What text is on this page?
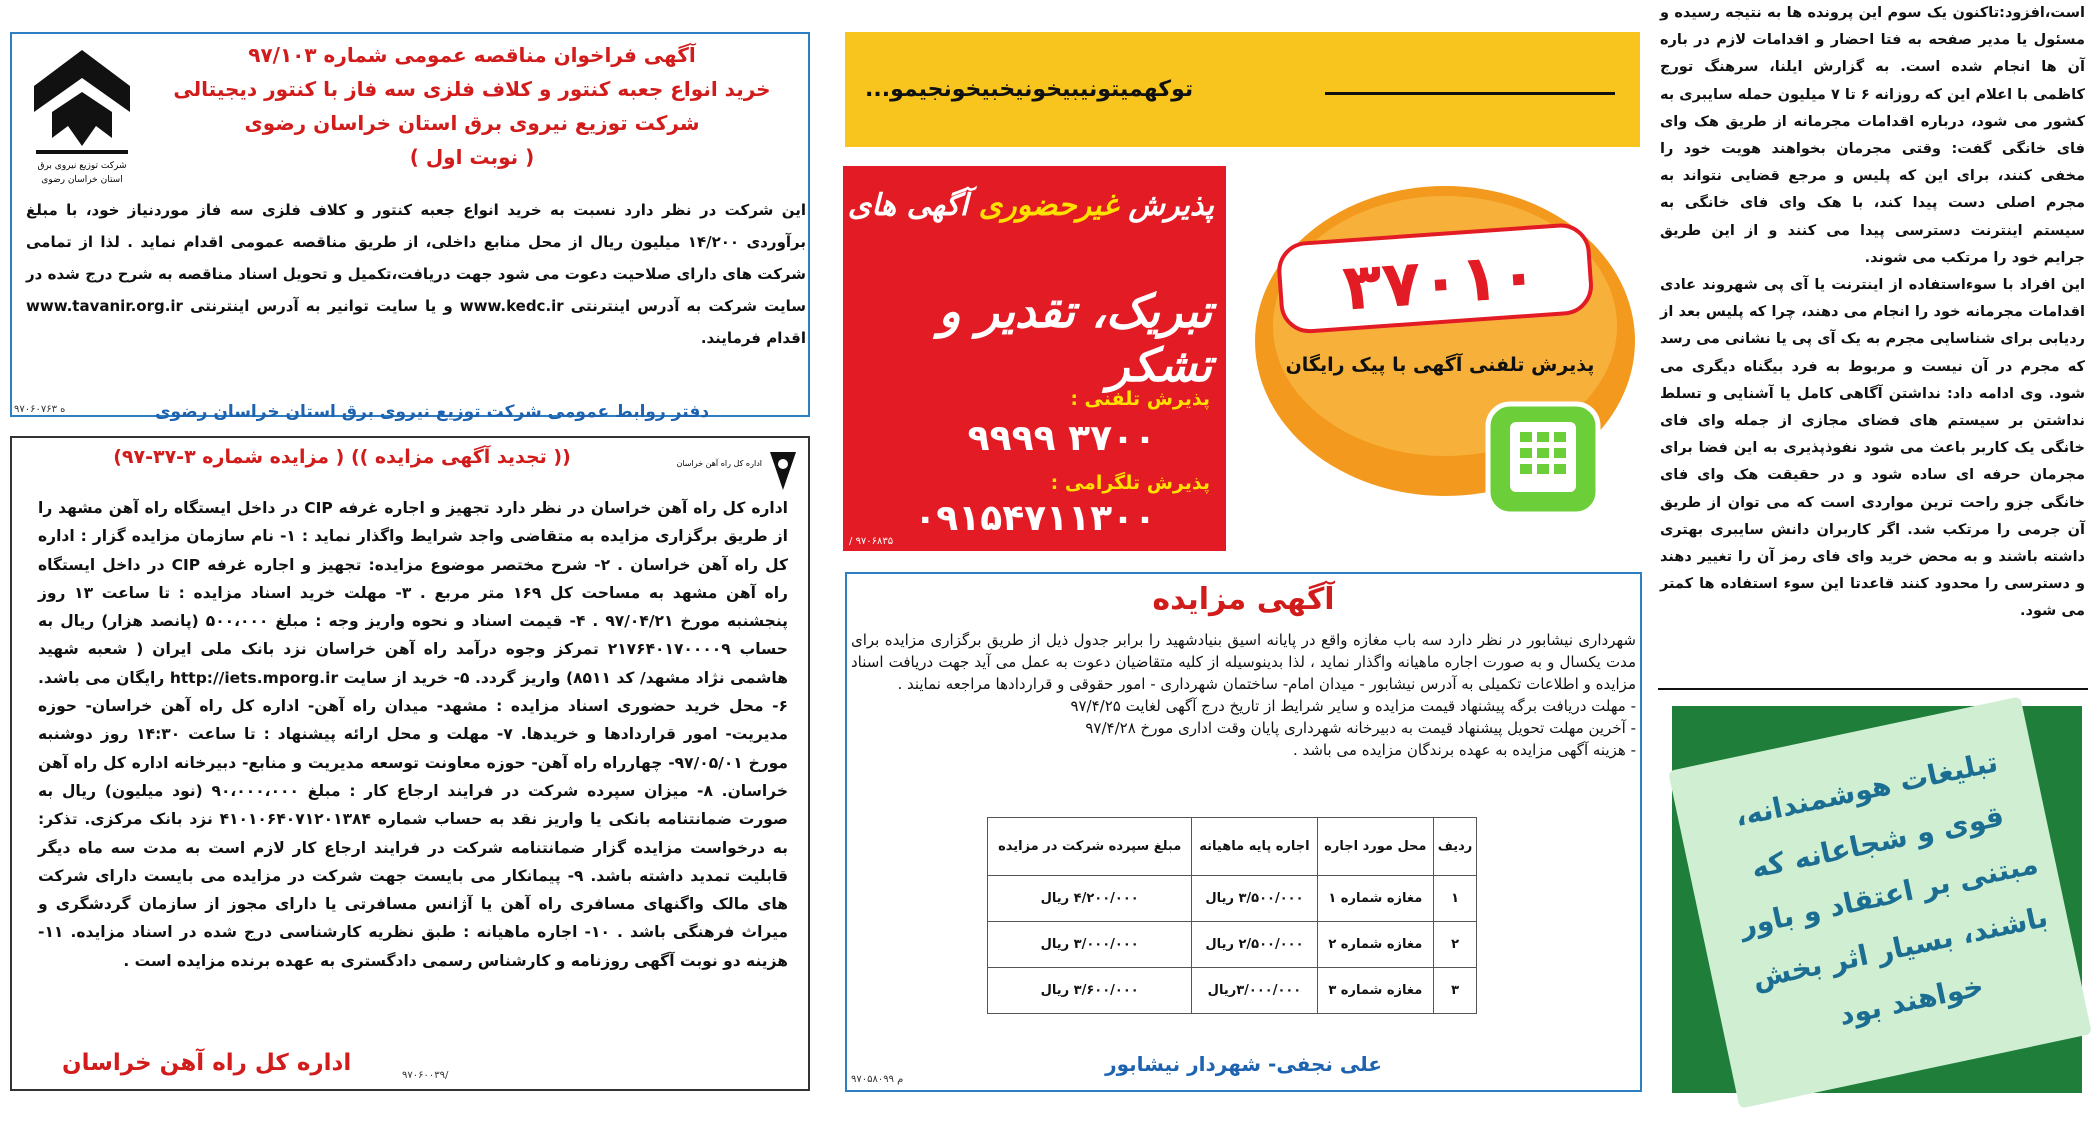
شرکت توزیع نیروی برق
استان خراسان رضوی
آگهی فراخوان مناقصه عمومی شماره ۹۷/۱۰۳
خرید انواع جعبه کنتور و کلاف فلزی سه فاز با کنتور دیجیتالی
شرکت توزیع نیروی برق استان خراسان رضوی
( نوبت اول )
این شرکت در نظر دارد نسبت به خرید انواع جعبه کنتور و کلاف فلزی سه فاز موردنیاز خود، با مبلغ برآوردی ۱۴/۲۰۰ میلیون ریال از محل منابع داخلی، از طریق مناقصه عمومی اقدام نماید . لذا از تمامی شرکت های دارای صلاحیت دعوت می شود جهت دریافت،تکمیل و تحویل اسناد مناقصه به شرح درج شده در سایت شرکت به آدرس اینترنتی www.kedc.ir و یا سایت توانیر به آدرس اینترنتی www.tavanir.org.ir اقدام فرمایند.
دفتر روابط عمومی شرکت توزیع نیروی برق استان خراسان رضوی
۹۷۰۶۰۷۶۳ ه
(( تجدید آگهی مزایده )) ( مزایده شماره ۳-۳۷-۹۷)	اداره کل راه آهن خراسان
اداره کل راه آهن خراسان در نظر دارد تجهیز و اجاره غرفه CIP در داخل ایستگاه راه آهن مشهد را از طریق برگزاری مزایده به متقاضی واجد شرایط واگذار نماید : ۱- نام سازمان مزایده گزار : اداره کل راه آهن خراسان . ۲- شرح مختصر موضوع مزایده: تجهیز و اجاره غرفه CIP در داخل ایستگاه راه آهن مشهد به مساحت کل ۱۶۹ متر مربع . ۳- مهلت خرید اسناد مزایده : تا ساعت ۱۳ روز پنجشنبه مورخ ۹۷/۰۴/۲۱ . ۴- قیمت اسناد و نحوه واریز وجه : مبلغ ۵۰۰،۰۰۰ (پانصد هزار) ریال به حساب ۲۱۷۶۴۰۱۷۰۰۰۰۹ تمرکز وجوه درآمد راه آهن خراسان نزد بانک ملی ایران ( شعبه شهید هاشمی نژاد مشهد/ کد ۸۵۱۱) واریز گردد. ۵- خرید از سایت http://iets.mporg.ir رایگان می باشد. ۶- محل خرید حضوری اسناد مزایده : مشهد- میدان راه آهن- اداره کل راه آهن خراسان- حوزه مدیریت- امور قراردادها و خریدها. ۷- مهلت و محل ارائه پیشنهاد : تا ساعت ۱۴:۳۰ روز دوشنبه مورخ ۹۷/۰۵/۰۱- چهارراه راه آهن- حوزه معاونت توسعه مدیریت و منابع- دبیرخانه اداره کل راه آهن خراسان. ۸- میزان سپرده شرکت در فرایند ارجاع کار : مبلغ ۹۰،۰۰۰،۰۰۰ (نود میلیون) ریال به صورت ضمانتنامه بانکی یا واریز نقد به حساب شماره ۴۱۰۱۰۶۴۰۷۱۲۰۱۳۸۴ نزد بانک مرکزی. تذکر: به درخواست مزایده گزار ضمانتنامه شرکت در فرایند ارجاع کار لازم است به مدت سه ماه دیگر قابلیت تمدید داشته باشد. ۹- پیمانکار می بایست جهت شرکت در مزایده می بایست دارای شرکت های مالک واگنهای مسافری راه آهن یا آژانس مسافرتی یا دارای مجوز از سازمان گردشگری و میراث فرهنگی باشد . ۱۰- اجاره ماهیانه : طبق نظریه کارشناسی درج شده در اسناد مزایده. ۱۱- هزینه دو نوبت آگهی روزنامه و کارشناس رسمی دادگستری به عهده برنده مزایده است .
اداره کل راه آهن خراسان	۹۷۰۶۰۰۳۹/
توکهمیتونیبیخونیخبیخونجیمو...
پذیرش غیرحضوری آگهی های
تبریک، تقدیر و تشکر
پذیرش تلفنی :
۳۷۰۰ ۹۹۹۹
پذیرش تلگرامی :
۰۹۱۵۴۷۱۱۳۰۰
۹۷۰۶۸۳۵ /
۳۷۰۱۰
پذیرش تلفنی آگهی با پیک رایگان
آگهی مزایده
شهرداری نیشابور در نظر دارد سه باب مغازه واقع در پایانه اسیق بنیادشهید را برابر جدول ذیل از طریق برگزاری مزایده برای مدت یکسال و به صورت اجاره ماهیانه واگذار نماید ، لذا بدینوسیله از کلیه متقاضیان دعوت به عمل می آید جهت دریافت اسناد مزایده و اطلاعات تکمیلی به آدرس نیشابور - میدان امام- ساختمان شهرداری - امور حقوقی و قراردادها مراجعه نمایند .
- مهلت دریافت برگه پیشنهاد قیمت مزایده و سایر شرایط از تاریخ درج آگهی لغایت ۹۷/۴/۲۵
- آخرین مهلت تحویل پیشنهاد قیمت به دبیرخانه شهرداری پایان وقت اداری مورخ ۹۷/۴/۲۸
- هزینه آگهی مزایده به عهده برندگان مزایده می باشد .
ردیف	محل مورد اجاره	اجاره پایه ماهیانه	مبلغ سپرده شرکت در مزایده
۱	مغازه شماره ۱	۳/۵۰۰/۰۰۰ ریال	۴/۲۰۰/۰۰۰ ریال
۲	مغازه شماره ۲	۲/۵۰۰/۰۰۰ ریال	۳/۰۰۰/۰۰۰ ریال
۳	مغازه شماره ۳	۳/۰۰۰/۰۰۰ریال	۳/۶۰۰/۰۰۰ ریال
علی نجفی- شهردار نیشابور
۹۷۰۵۸۰۹۹ م

است،افزود:تاکنون یک سوم این پرونده ها به نتیجه رسیده و مسئول یا مدیر صفحه به فتا احضار و اقدامات لازم در باره آن ها انجام شده است. به گزارش ایلنا، سرهنگ تورج کاظمی با اعلام این که روزانه ۶ تا ۷ میلیون حمله سایبری به کشور می شود، درباره اقدامات مجرمانه از طریق هک وای فای خانگی گفت: وقتی مجرمان بخواهند هویت خود را مخفی کنند، برای این که پلیس و مرجع قضایی نتواند به مجرم اصلی دست پیدا کند، با هک وای فای خانگی به سیستم اینترنت دسترسی پیدا می کنند و از این طریق جرایم خود را مرتکب می شوند.

این افراد با سوءاستفاده از اینترنت یا آی پی شهروند عادی اقدامات مجرمانه خود را انجام می دهند، چرا که پلیس بعد از ردیابی برای شناسایی مجرم به یک آی پی یا نشانی می رسد که مجرم در آن نیست و مربوط به فرد بیگناه دیگری می شود. وی ادامه داد: نداشتن آگاهی کامل یا آشنایی و تسلط نداشتن بر سیستم های فضای مجازی از جمله وای فای خانگی یک کاربر باعث می شود نفوذپذیری به این فضا برای مجرمان حرفه ای ساده شود و در حقیقت هک وای فای خانگی جزو راحت ترین مواردی است که می توان از طریق آن جرمی را مرتکب شد. اگر کاربران دانش سایبری بهتری داشته باشند و به محض خرید وای فای رمز آن را تغییر دهند و دسترسی را محدود کنند قاعدتا این سوء استفاده ها کمتر می شود.

تبلیغات هوشمندانه، قوی و شجاعانه که مبتنی بر اعتقاد و باور باشند، بسیار اثر بخش خواهند بود
